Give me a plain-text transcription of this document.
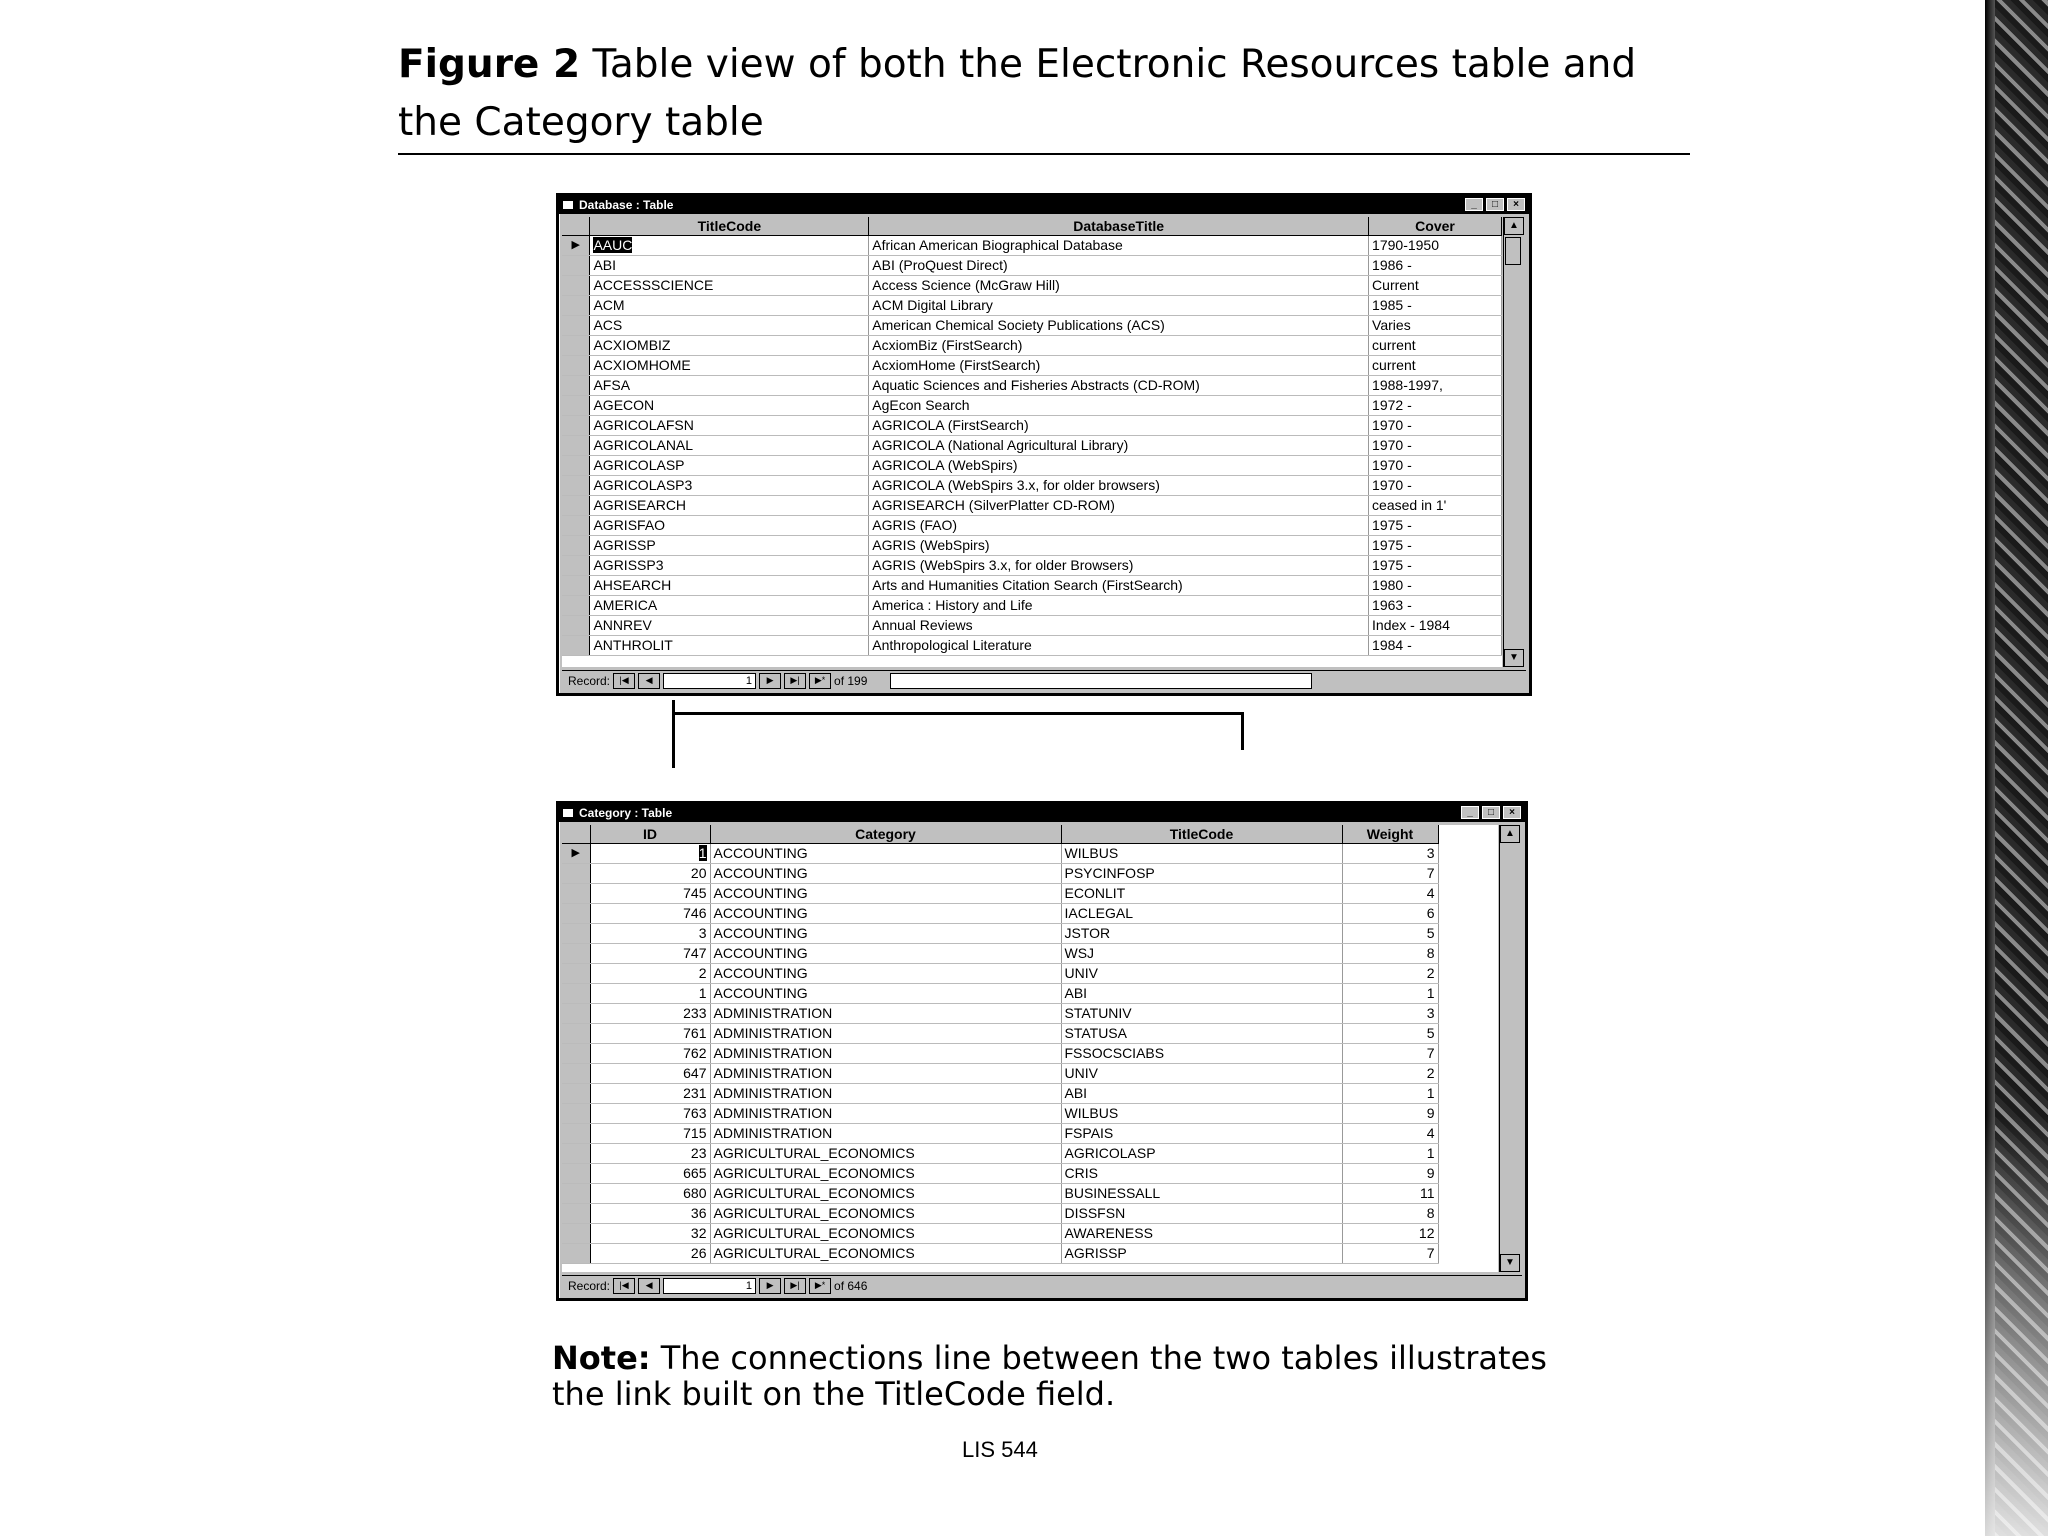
Figure 2 Table view of both the Electronic Resources table and the Category table
Database : Table	_	□	×
	TitleCode	DatabaseTitle	Cover
▶	AAUC	African American Biographical Database	1790-1950
	ABI	ABI (ProQuest Direct)	1986 -
	ACCESSSCIENCE	Access Science (McGraw Hill)	Current
	ACM	ACM Digital Library	1985 -
	ACS	American Chemical Society Publications (ACS)	Varies
	ACXIOMBIZ	AcxiomBiz (FirstSearch)	current
	ACXIOMHOME	AcxiomHome (FirstSearch)	current
	AFSA	Aquatic Sciences and Fisheries Abstracts (CD-ROM)	1988-1997,
	AGECON	AgEcon Search	1972 -
	AGRICOLAFSN	AGRICOLA (FirstSearch)	1970 -
	AGRICOLANAL	AGRICOLA (National Agricultural Library)	1970 -
	AGRICOLASP	AGRICOLA (WebSpirs)	1970 -
	AGRICOLASP3	AGRICOLA (WebSpirs 3.x, for older browsers)	1970 -
	AGRISEARCH	AGRISEARCH (SilverPlatter CD-ROM)	ceased in 1'
	AGRISFAO	AGRIS (FAO)	1975 -
	AGRISSP	AGRIS (WebSpirs)	1975 -
	AGRISSP3	AGRIS (WebSpirs 3.x, for older Browsers)	1975 -
	AHSEARCH	Arts and Humanities Citation Search (FirstSearch)	1980 -
	AMERICA	America : History and Life	1963 -
	ANNREV	Annual Reviews	Index - 1984
	ANTHROLIT	Anthropological Literature	1984 -
▲
▼
Record:	|◀	◀	1	▶	▶|	▶* of 199
Category : Table	_	□	×
	ID	Category	TitleCode	Weight
▶	1	ACCOUNTING	WILBUS	3
	20	ACCOUNTING	PSYCINFOSP	7
	745	ACCOUNTING	ECONLIT	4
	746	ACCOUNTING	IACLEGAL	6
	3	ACCOUNTING	JSTOR	5
	747	ACCOUNTING	WSJ	8
	2	ACCOUNTING	UNIV	2
	1	ACCOUNTING	ABI	1
	233	ADMINISTRATION	STATUNIV	3
	761	ADMINISTRATION	STATUSA	5
	762	ADMINISTRATION	FSSOCSCIABS	7
	647	ADMINISTRATION	UNIV	2
	231	ADMINISTRATION	ABI	1
	763	ADMINISTRATION	WILBUS	9
	715	ADMINISTRATION	FSPAIS	4
	23	AGRICULTURAL_ECONOMICS	AGRICOLASP	1
	665	AGRICULTURAL_ECONOMICS	CRIS	9
	680	AGRICULTURAL_ECONOMICS	BUSINESSALL	11
	36	AGRICULTURAL_ECONOMICS	DISSFSN	8
	32	AGRICULTURAL_ECONOMICS	AWARENESS	12
	26	AGRICULTURAL_ECONOMICS	AGRISSP	7
▲
▼
Record:	|◀	◀	1	▶	▶|	▶* of 646
Note: The connections line between the two tables illustrates the link built on the TitleCode field.
LIS 544
